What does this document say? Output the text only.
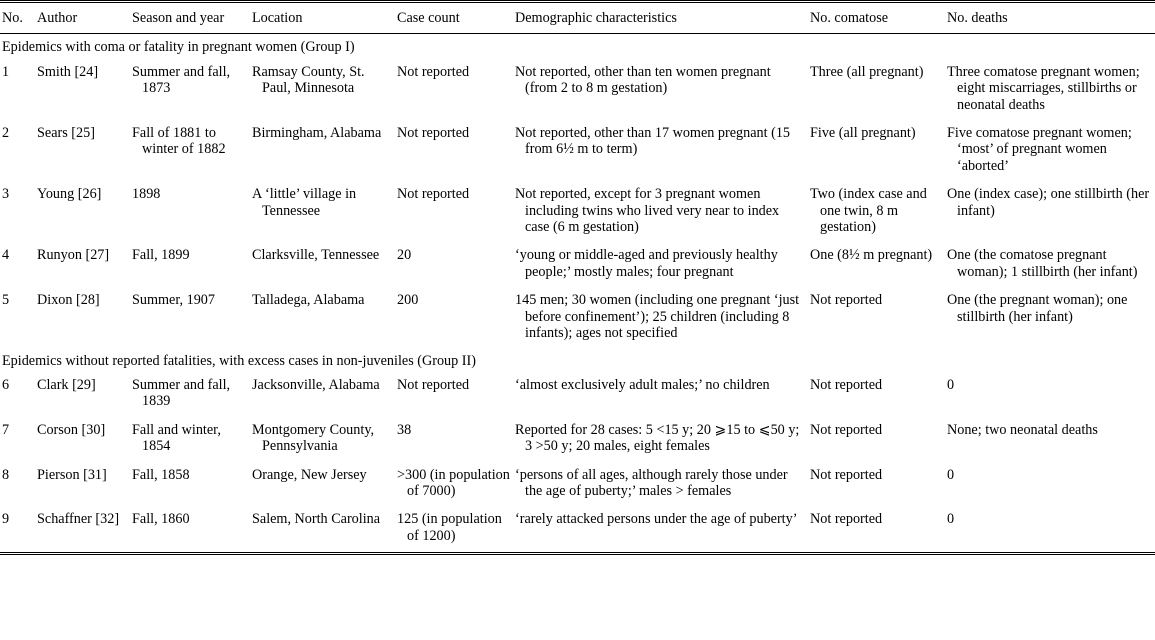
No.	Author	Season and year	Location	Case count	Demographic characteristics	No. comatose	No. deaths
Epidemics with coma or fatality in pregnant women (Group I)							
1	Smith [24]	Summer and fall, 1873	Ramsay County, St. Paul, Minnesota	Not reported	Not reported, other than ten women pregnant (from 2 to 8 m gestation)	Three (all pregnant)	Three comatose pregnant women; eight miscarriages, stillbirths or neonatal deaths

2	Sears [25]	Fall of 1881 to winter of 1882	Birmingham, Alabama	Not reported	Not reported, other than 17 women pregnant (15 from 6½ m to term)	Five (all pregnant)	Five comatose pregnant women; ‘most’ of pregnant women ‘aborted’

3	Young [26]	1898	A ‘little’ village in Tennessee	Not reported	Not reported, except for 3 pregnant women including twins who lived very near to index case (6 m gestation)	Two (index case and one twin, 8 m gestation)	One (index case); one stillbirth (her infant)

4	Runyon [27]	Fall, 1899	Clarksville, Tennessee	20	‘young or middle-aged and previously healthy people;’ mostly males; four pregnant	One (8½ m pregnant)	One (the comatose pregnant woman); 1 stillbirth (her infant)

5	Dixon [28]	Summer, 1907	Talladega, Alabama	200	145 men; 30 women (including one pregnant ‘just before confinement’); 25 children (including 8 infants); ages not specified	Not reported	One (the pregnant woman); one stillbirth (her infant)

Epidemics without reported fatalities, with excess cases in non-juveniles (Group II)							
6	Clark [29]	Summer and fall, 1839	Jacksonville, Alabama	Not reported	‘almost exclusively adult males;’ no children	Not reported	0

7	Corson [30]	Fall and winter, 1854	Montgomery County, Pennsylvania	38	Reported for 28 cases: 5 <15 y; 20 ⩾15 to ⩽50 y; 3 >50 y; 20 males, eight females	Not reported	None; two neonatal deaths

8	Pierson [31]	Fall, 1858	Orange, New Jersey	>300 (in population of 7000)	‘persons of all ages, although rarely those under the age of puberty;’ males > females	Not reported	0

9	Schaffner [32]	Fall, 1860	Salem, North Carolina	125 (in population of 1200)	‘rarely attacked persons under the age of puberty’	Not reported	0
